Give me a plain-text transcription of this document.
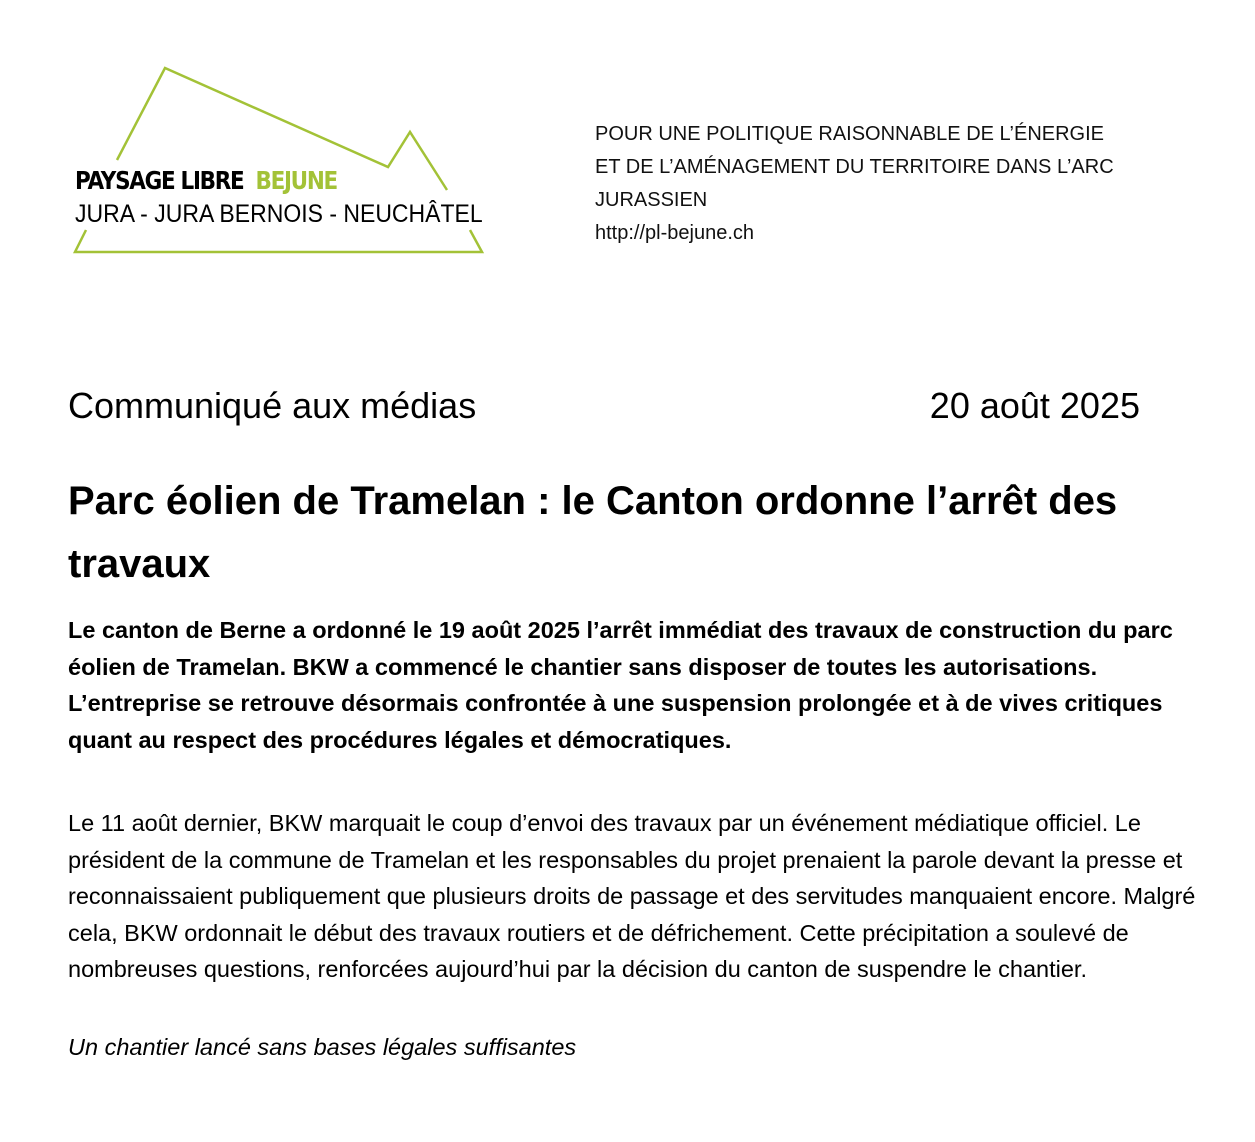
PAYSAGE LIBRE BEJUNE
JURA - JURA BERNOIS - NEUCHÂTEL
POUR UNE POLITIQUE RAISONNABLE DE L’ÉNERGIE
ET DE L’AMÉNAGEMENT DU TERRITOIRE DANS L’ARC
JURASSIEN
http://pl-bejune.ch
Communiqué aux médias	20 août 2025
Parc éolien de Tramelan : le Canton ordonne l’arrêt des travaux
Le canton de Berne a ordonné le 19 août 2025 l’arrêt immédiat des travaux de construction du parc éolien de Tramelan. BKW a commencé le chantier sans disposer de toutes les autorisations. L’entreprise se retrouve désormais confrontée à une suspension prolongée et à de vives critiques quant au respect des procédures légales et démocratiques.
Le 11 août dernier, BKW marquait le coup d’envoi des travaux par un événement médiatique officiel. Le président de la commune de Tramelan et les responsables du projet prenaient la parole devant la presse et reconnaissaient publiquement que plusieurs droits de passage et des servitudes manquaient encore. Malgré cela, BKW ordonnait le début des travaux routiers et de défrichement. Cette précipitation a soulevé de nombreuses questions, renforcées aujourd’hui par la décision du canton de suspendre le chantier.
Un chantier lancé sans bases légales suffisantes
